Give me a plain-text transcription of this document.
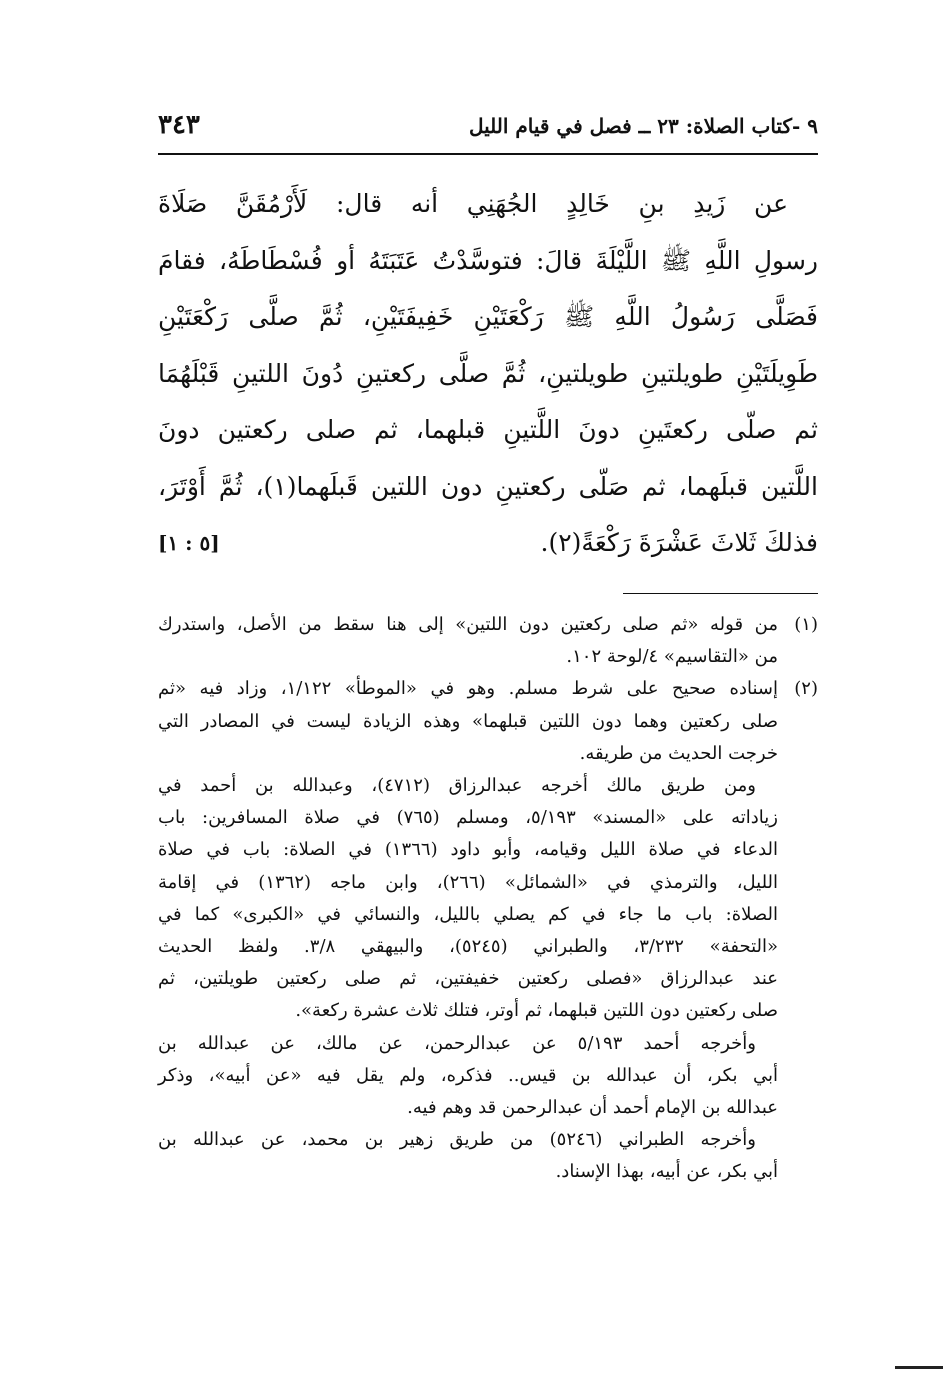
٩ -كتاب الصلاة: ٢٣ ــ فصل في قيام الليل
٣٤٣
عن زَيدِ بنِ خَالِدٍ الجُهَنِي أنه قال: لَأَرْمُقَنَّ صَلَاةَ
رسولِ اللَّهِ ﷺ اللَّيْلَةَ قالَ: فتوسَّدْتُ عَتَبَتَهُ أو فُسْطَاطَهُ، فقامَ
فَصَلَّى رَسُولُ اللَّهِ ﷺ رَكْعَتَيْنِ خَفِيفَتَيْنِ، ثُمَّ صلَّى رَكْعَتَيْنِ
طَوِيلَتَيْنِ طويلتينِ طويلتينِ، ثُمَّ صلَّى ركعتينِ دُونَ اللتينِ قَبْلَهُمَا
ثم صلّى ركعتَينِ دونَ اللَّتينِ قبلهما، ثم صلى ركعتين دونَ
اللَّتين قبلَهما، ثم صَلّى ركعتينِ دون اللتين قَبلَهما(١)، ثُمَّ أَوْتَرَ،
فذلكَ ثَلاثَ عَشْرَةَ رَكْعَةً(٢).
[٥ : ١]
(١)
من قوله «ثم صلى ركعتين دون اللتين» إلى هنا سقط من الأصل، واستدرك
من «التقاسيم» ٤/لوحة ١٠٢.
(٢)
إسناده صحيح على شرط مسلم. وهو في «الموطأ» ١/١٢٢، وزاد فيه «ثم
صلى ركعتين وهما دون اللتين قبلهما» وهذه الزيادة ليست في المصادر التي
خرجت الحديث من طريقه.
ومن طريق مالك أخرجه عبدالرزاق (٤٧١٢)، وعبدالله بن أحمد في
زياداته على «المسند» ٥/١٩٣، ومسلم (٧٦٥) في صلاة المسافرين: باب
الدعاء في صلاة الليل وقيامه، وأبو داود (١٣٦٦) في الصلاة: باب في صلاة
الليل، والترمذي في «الشمائل» (٢٦٦)، وابن ماجه (١٣٦٢) في إقامة
الصلاة: باب ما جاء في كم يصلي بالليل، والنسائي في «الكبرى» كما في
«التحفة» ٣/٢٣٢، والطبراني (٥٢٤٥)، والبيهقي ٣/٨. ولفظ الحديث
عند عبدالرزاق «فصلى ركعتين خفيفتين، ثم صلى ركعتين طويلتين، ثم
صلى ركعتين دون اللتين قبلهما، ثم أوتر، فتلك ثلاث عشرة ركعة».
وأخرجه أحمد ٥/١٩٣ عن عبدالرحمن، عن مالك، عن عبدالله بن
أبي بكر، أن عبدالله بن قيس.. فذكره، ولم يقل فيه «عن أبيه»، وذكر
عبدالله بن الإمام أحمد أن عبدالرحمن قد وهم فيه.
وأخرجه الطبراني (٥٢٤٦) من طريق زهير بن محمد، عن عبدالله بن
أبي بكر، عن أبيه، بهذا الإسناد.
